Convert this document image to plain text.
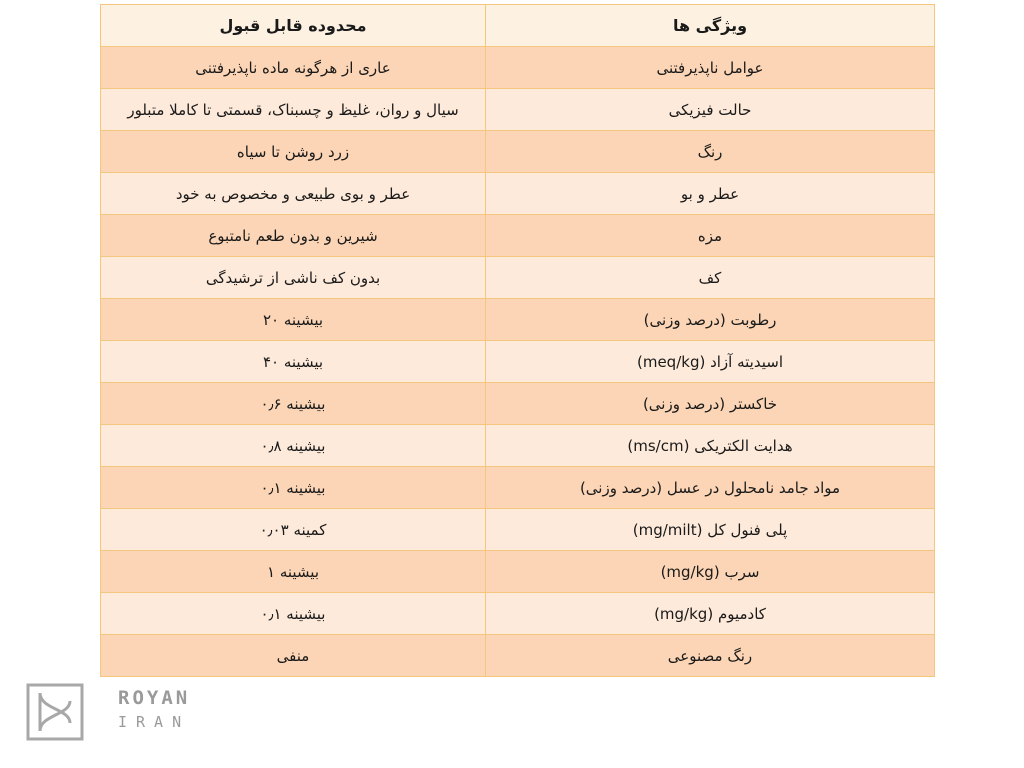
ویژگی ها	محدوده قابل قبول
عوامل ناپذیرفتنی	عاری از هرگونه ماده ناپذیرفتنی
حالت فیزیکی	سیال و روان، غلیظ و چسبناک، قسمتی تا کاملا متبلور
رنگ	زرد روشن تا سیاه
عطر و بو	عطر و بوی طبیعی و مخصوص به خود
مزه	شیرین و بدون طعم نامتبوع
کف	بدون کف ناشی از ترشیدگی
رطوبت (درصد وزنی)	بیشینه ۲۰
اسیدیته آزاد (meq/kg)	بیشینه ۴۰
خاکستر (درصد وزنی)	بیشینه ۰٫۶
هدایت الکتریکی (ms/cm)	بیشینه ۰٫۸
مواد جامد نامحلول در عسل (درصد وزنی)	بیشینه ۰٫۱
پلی فنول کل (mg/milt)	کمینه ۰٫۰۳
سرب (mg/kg)	بیشینه ۱
کادمیوم (mg/kg)	بیشینه ۰٫۱
رنگ مصنوعی	منفی
ROYAN
IRAN
